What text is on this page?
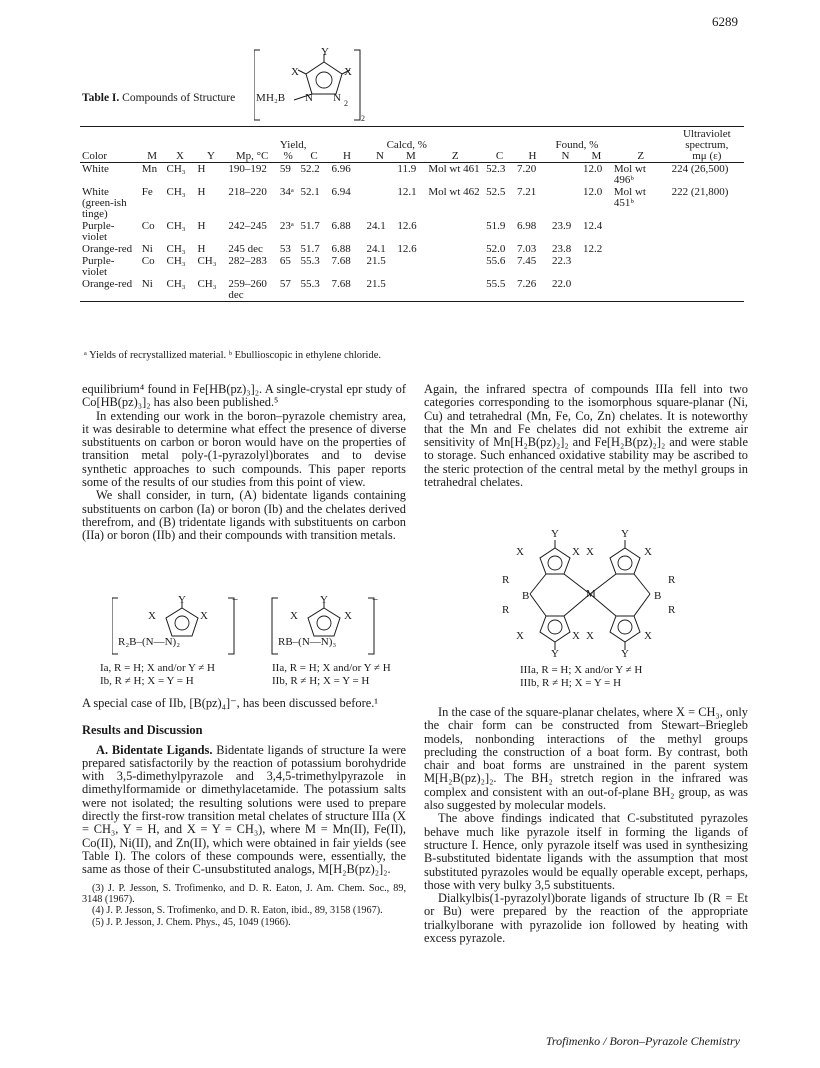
6289
Y
X	X
M H₂B N N 2
2
Table I. Compounds of Structure
																Ultraviolet
					Yield,		Calcd, %				Found, %					spectrum,
Color	M	X	Y	Mp, °C	%	C	H	N	M	Z	C	H	N	M	Z	mμ (ε)
White	Mn	CH₃	H	190–192	59	52.2	6.96		11.9	Mol wt 461	52.3	7.20		12.0	Mol wt 496ᵇ	224 (26,500)
White (green-ish tinge)	Fe	CH₃	H	218–220	34ᵃ	52.1	6.94		12.1	Mol wt 462	52.5	7.21		12.0	Mol wt 451ᵇ	222 (21,800)
Purple-violet	Co	CH₃	H	242–245	23ᵃ	51.7	6.88	24.1	12.6		51.9	6.98	23.9	12.4		
Orange-red	Ni	CH₃	H	245 dec	53	51.7	6.88	24.1	12.6		52.0	7.03	23.8	12.2		
Purple-violet	Co	CH₃	CH₃	282–283	65	55.3	7.68	21.5			55.6	7.45	22.3			
Orange-red	Ni	CH₃	CH₃	259–260 dec	57	55.3	7.68	21.5			55.5	7.26	22.0			
ᵃ Yields of recrystallized material. ᵇ Ebullioscopic in ethylene chloride.

equilibrium⁴ found in Fe[HB(pz)₃]₂. A single-crystal epr study of Co[HB(pz)₃]₂ has also been published.⁵

In extending our work in the boron–pyrazole chemistry area, it was desirable to determine what effect the presence of diverse substituents on carbon or boron would have on the properties of transition metal poly-(1-pyrazolyl)borates and to devise synthetic approaches to such compounds. This paper reports some of the results of our studies from this point of view.

We shall consider, in turn, (A) bidentate ligands containing substituents on carbon (Ia) or boron (Ib) and the chelates derived therefrom, and (B) tridentate ligands with substituents on carbon (IIa) or boron (IIb) and their compounds with transition metals.

Y
X	X
−
R₂B–(N—N)₂
Y
X	X
−
RB–(N—N)₃
Ia, R = H; X and/or Y ≠ H
Ib, R ≠ H; X = Y = H
IIa, R = H; X and/or Y ≠ H
IIb, R ≠ H; X = Y = H

A special case of IIb, [B(pz)₄]⁻, has been discussed before.¹

Results and Discussion

A. Bidentate Ligands. Bidentate ligands of structure Ia were prepared satisfactorily by the reaction of potassium borohydride with 3,5-dimethylpyrazole and 3,4,5-trimethylpyrazole in dimethylformamide or dimethylacetamide. The potassium salts were not isolated; the resulting solutions were used to prepare directly the first-row transition metal chelates of structure IIIa (X = CH₃, Y = H, and X = Y = CH₃), where M = Mn(II), Fe(II), Co(II), Ni(II), and Zn(II), which were obtained in fair yields (see Table I). The colors of these compounds were, essentially, the same as those of their C-unsubstituted analogs, M[H₂B(pz)₂]₂.

(3) J. P. Jesson, S. Trofimenko, and D. R. Eaton, J. Am. Chem. Soc., 89, 3148 (1967).

(4) J. P. Jesson, S. Trofimenko, and D. R. Eaton, ibid., 89, 3158 (1967).

(5) J. P. Jesson, J. Chem. Phys., 45, 1049 (1966).

Again, the infrared spectra of compounds IIIa fell into two categories corresponding to the isomorphous square-planar (Ni, Cu) and tetrahedral (Mn, Fe, Co, Zn) chelates. It is noteworthy that the Mn and Fe chelates did not exhibit the extreme air sensitivity of Mn[H₂B(pz)₂]₂ and Fe[H₂B(pz)₂]₂ and were stable to storage. Such enhanced oxidative stability may be ascribed to the steric protection of the central metal by the methyl groups in tetrahedral chelates.

Y	Y
X	X X	X
R	R
B	B
M
R	R
X	X X	X
Y	Y
IIIa, R = H; X and/or Y ≠ H
IIIb, R ≠ H; X = Y = H

In the case of the square-planar chelates, where X = CH₃, only the chair form can be constructed from Stewart–Briegleb models, nonbonding interactions of the methyl groups precluding the construction of a boat form. By contrast, both chair and boat forms are unstrained in the parent system M[H₂B(pz)₂]₂. The BH₂ stretch region in the infrared was complex and consistent with an out-of-plane BH₂ group, as was also suggested by molecular models.

The above findings indicated that C-substituted pyrazoles behave much like pyrazole itself in forming the ligands of structure I. Hence, only pyrazole itself was used in synthesizing B-substituted bidentate ligands with the assumption that most substituted pyrazoles would be equally operable except, perhaps, those with very bulky 3,5 substituents.

Dialkylbis(1-pyrazolyl)borate ligands of structure Ib (R = Et or Bu) were prepared by the reaction of the appropriate trialkylborane with pyrazolide ion followed by heating with excess pyrazole.

Trofimenko / Boron–Pyrazole Chemistry
